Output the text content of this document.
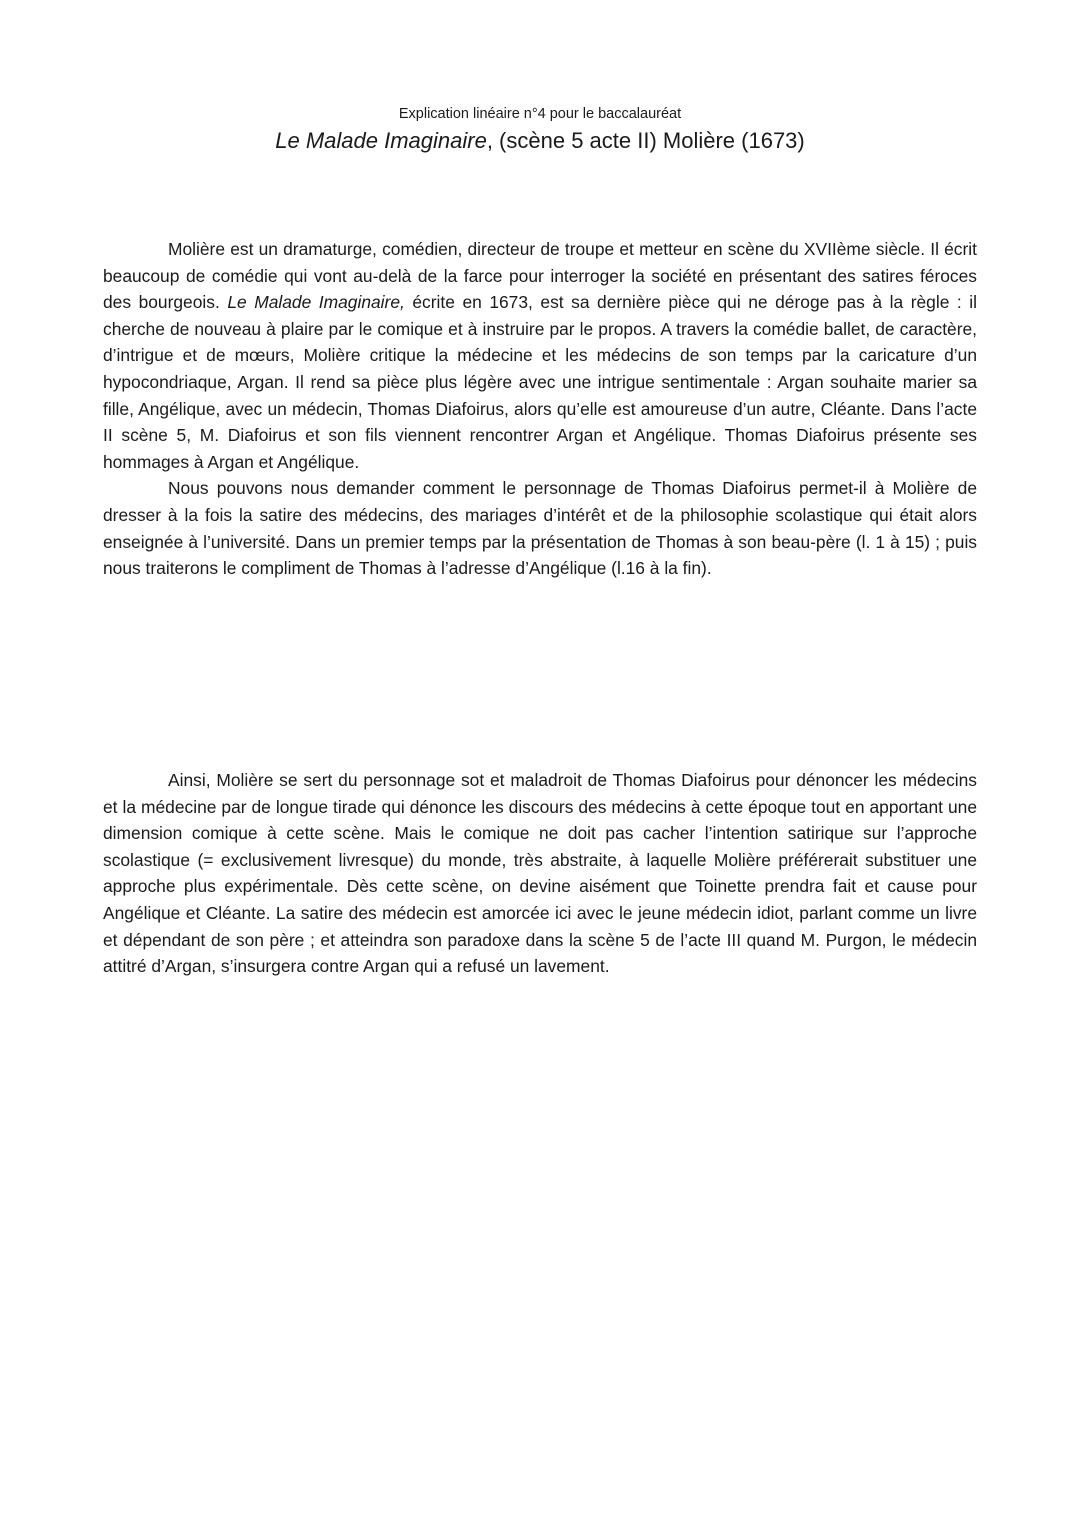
Explication linéaire n°4 pour le baccalauréat

Le Malade Imaginaire, (scène 5 acte II) Molière (1673)

Molière est un dramaturge, comédien, directeur de troupe et metteur en scène du XVIIème siècle. Il écrit beaucoup de comédie qui vont au-delà de la farce pour interroger la société en présentant des satires féroces des bourgeois. Le Malade Imaginaire, écrite en 1673, est sa dernière pièce qui ne déroge pas à la règle : il cherche de nouveau à plaire par le comique et à instruire par le propos. A travers la comédie ballet, de caractère, d’intrigue et de mœurs, Molière critique la médecine et les médecins de son temps par la caricature d’un hypocondriaque, Argan. Il rend sa pièce plus légère avec une intrigue sentimentale : Argan souhaite marier sa fille, Angélique, avec un médecin, Thomas Diafoirus, alors qu’elle est amoureuse d’un autre, Cléante. Dans l’acte II scène 5, M. Diafoirus et son fils viennent rencontrer Argan et Angélique. Thomas Diafoirus présente ses hommages à Argan et Angélique.

Nous pouvons nous demander comment le personnage de Thomas Diafoirus permet-il à Molière de dresser à la fois la satire des médecins, des mariages d’intérêt et de la philosophie scolastique qui était alors enseignée à l’université. Dans un premier temps par la présentation de Thomas à son beau-père (l. 1 à 15) ; puis nous traiterons le compliment de Thomas à l’adresse d’Angélique (l.16 à la fin).

Ainsi, Molière se sert du personnage sot et maladroit de Thomas Diafoirus pour dénoncer les médecins et la médecine par de longue tirade qui dénonce les discours des médecins à cette époque tout en apportant une dimension comique à cette scène. Mais le comique ne doit pas cacher l’intention satirique sur l’approche scolastique (= exclusivement livresque) du monde, très abstraite, à laquelle Molière préférerait substituer une approche plus expérimentale. Dès cette scène, on devine aisément que Toinette prendra fait et cause pour Angélique et Cléante. La satire des médecin est amorcée ici avec le jeune médecin idiot, parlant comme un livre et dépendant de son père ; et atteindra son paradoxe dans la scène 5 de l’acte III quand M. Purgon, le médecin attitré d’Argan, s’insurgera contre Argan qui a refusé un lavement.
